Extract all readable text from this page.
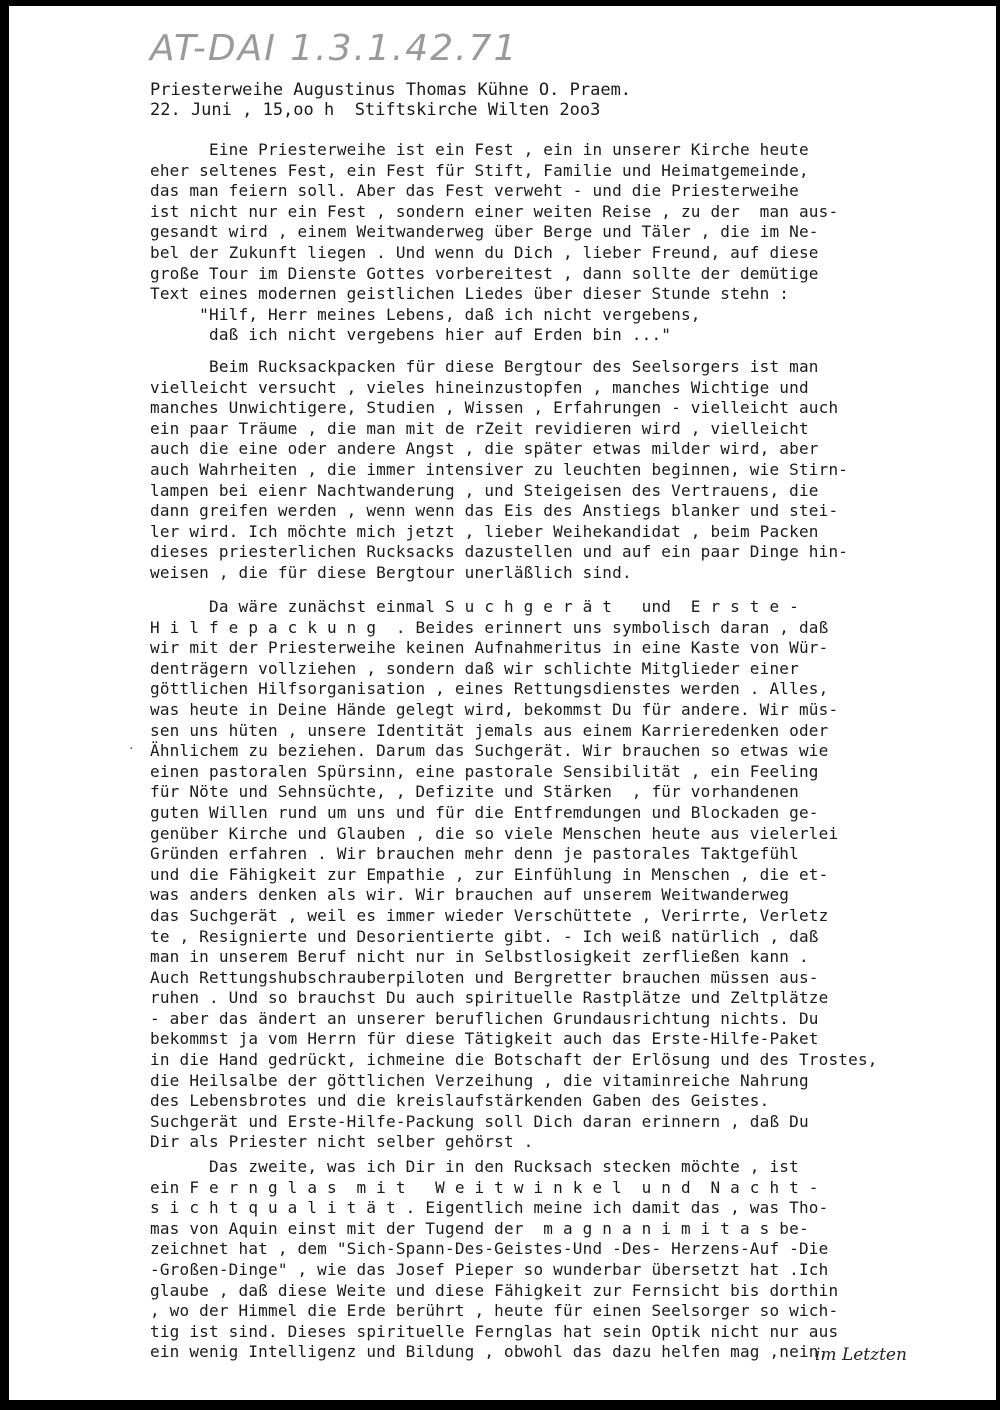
AT-DAI 1.3.1.42.71
Priesterweihe Augustinus Thomas Kühne O. Praem.
22. Juni , 15,oo h  Stiftskirche Wilten 2oo3
Eine Priesterweihe ist ein Fest , ein in unserer Kirche heute
eher seltenes Fest, ein Fest für Stift, Familie und Heimatgemeinde,
das man feiern soll. Aber das Fest verweht - und die Priesterweihe
ist nicht nur ein Fest , sondern einer weiten Reise , zu der  man aus-
gesandt wird , einem Weitwanderweg über Berge und Täler , die im Ne-
bel der Zukunft liegen . Und wenn du Dich , lieber Freund, auf diese
große Tour im Dienste Gottes vorbereitest , dann sollte der demütige
Text eines modernen geistlichen Liedes über dieser Stunde stehn :
"Hilf, Herr meines Lebens, daß ich nicht vergebens,
daß ich nicht vergebens hier auf Erden bin ..."
Beim Rucksackpacken für diese Bergtour des Seelsorgers ist man
vielleicht versucht , vieles hineinzustopfen , manches Wichtige und
manches Unwichtigere, Studien , Wissen , Erfahrungen - vielleicht auch
ein paar Träume , die man mit de rZeit revidieren wird , vielleicht
auch die eine oder andere Angst , die später etwas milder wird, aber
auch Wahrheiten , die immer intensiver zu leuchten beginnen, wie Stirn-
lampen bei eienr Nachtwanderung , und Steigeisen des Vertrauens, die
dann greifen werden , wenn wenn das Eis des Anstiegs blanker und stei-
ler wird. Ich möchte mich jetzt , lieber Weihekandidat , beim Packen
dieses priesterlichen Rucksacks dazustellen und auf ein paar Dinge hin-
weisen , die für diese Bergtour unerläßlich sind.
Da wäre zunächst einmal S u c h g e r ä t   und  E r s t e -
H i l f e p a c k u n g  . Beides erinnert uns symbolisch daran , daß
wir mit der Priesterweihe keinen Aufnahmeritus in eine Kaste von Wür-
denträgern vollziehen , sondern daß wir schlichte Mitglieder einer
göttlichen Hilfsorganisation , eines Rettungsdienstes werden . Alles,
was heute in Deine Hände gelegt wird, bekommst Du für andere. Wir müs-
sen uns hüten , unsere Identität jemals aus einem Karrieredenken oder
Ähnlichem zu beziehen. Darum das Suchgerät. Wir brauchen so etwas wie
einen pastoralen Spürsinn, eine pastorale Sensibilität , ein Feeling
für Nöte und Sehnsüchte, , Defizite und Stärken  , für vorhandenen
guten Willen rund um uns und für die Entfremdungen und Blockaden ge-
genüber Kirche und Glauben , die so viele Menschen heute aus vielerlei
Gründen erfahren . Wir brauchen mehr denn je pastorales Taktgefühl
und die Fähigkeit zur Empathie , zur Einfühlung in Menschen , die et-
was anders denken als wir. Wir brauchen auf unserem Weitwanderweg
das Suchgerät , weil es immer wieder Verschüttete , Verirrte, Verletz
te , Resignierte und Desorientierte gibt. - Ich weiß natürlich , daß
man in unserem Beruf nicht nur in Selbstlosigkeit zerfließen kann .
Auch Rettungshubschrauberpiloten und Bergretter brauchen müssen aus-
ruhen . Und so brauchst Du auch spirituelle Rastplätze und Zeltplätze
- aber das ändert an unserer beruflichen Grundausrichtung nichts. Du
bekommst ja vom Herrn für diese Tätigkeit auch das Erste-Hilfe-Paket
in die Hand gedrückt, ichmeine die Botschaft der Erlösung und des Trostes,
die Heilsalbe der göttlichen Verzeihung , die vitaminreiche Nahrung
des Lebensbrotes und die kreislaufstärkenden Gaben des Geistes.
Suchgerät und Erste-Hilfe-Packung soll Dich daran erinnern , daß Du
Dir als Priester nicht selber gehörst .
Das zweite, was ich Dir in den Rucksach stecken möchte , ist
ein F e r n g l a s  m i t   W e i t w i n k e l  u n d  N a c h t -
s i c h t q u a l i t ä t . Eigentlich meine ich damit das , was Tho-
mas von Aquin einst mit der Tugend der  m a g n a n i m i t a s be-
zeichnet hat , dem "Sich-Spann-Des-Geistes-Und -Des- Herzens-Auf -Die
-Großen-Dinge" , wie das Josef Pieper so wunderbar übersetzt hat .Ich
glaube , daß diese Weite und diese Fähigkeit zur Fernsicht bis dorthin
, wo der Himmel die Erde berührt , heute für einen Seelsorger so wich-
tig ist sind. Dieses spirituelle Fernglas hat sein Optik nicht nur aus
ein wenig Intelligenz und Bildung , obwohl das dazu helfen mag ,nein,
·
im Letzten
